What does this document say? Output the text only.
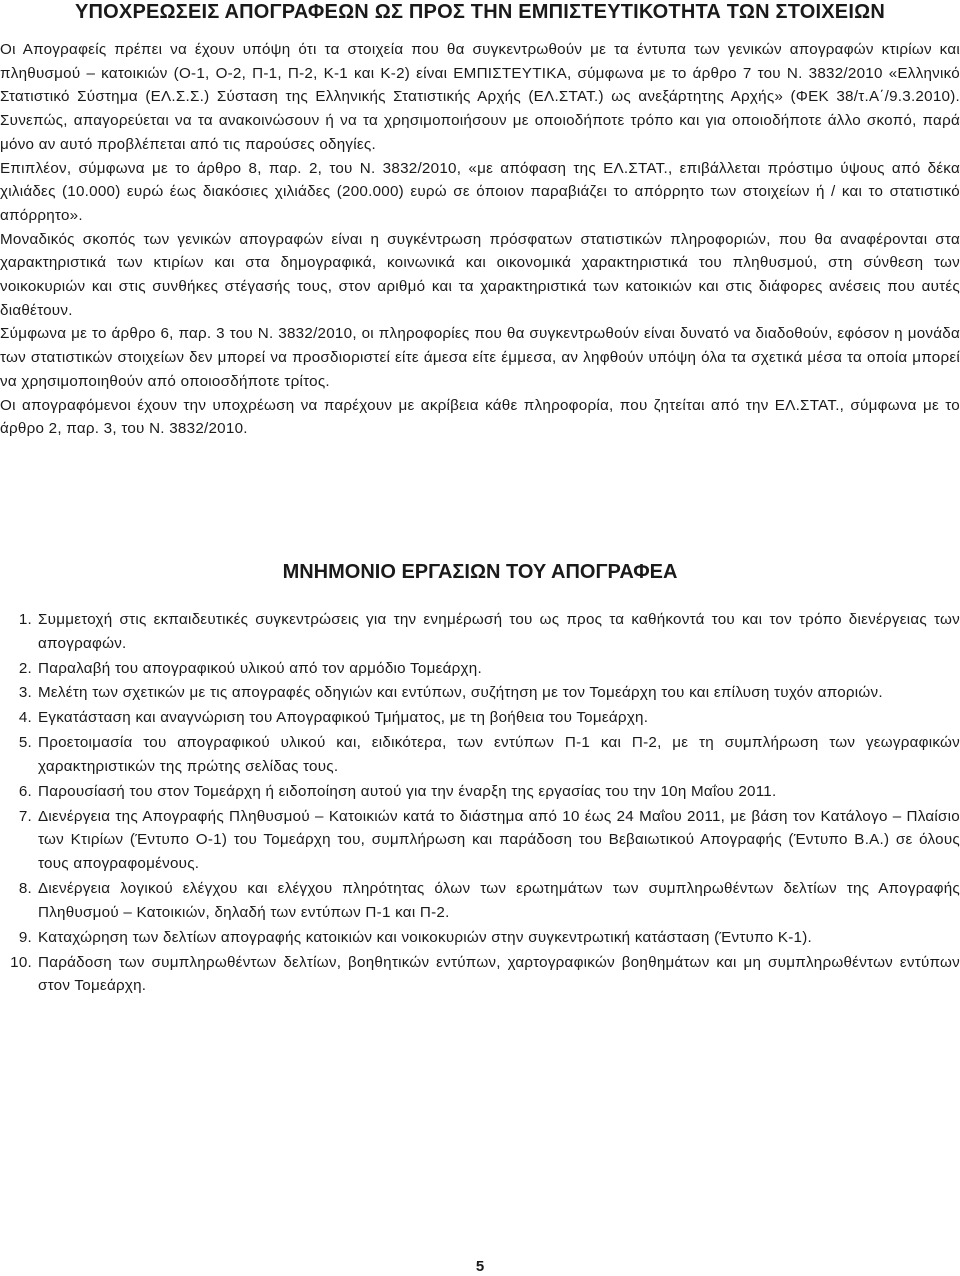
ΥΠΟΧΡΕΩΣΕΙΣ ΑΠΟΓΡΑΦΕΩΝ ΩΣ ΠΡΟΣ ΤΗΝ ΕΜΠΙΣΤΕΥΤΙΚΟΤΗΤΑ ΤΩΝ ΣΤΟΙΧΕΙΩΝ

Οι Απογραφείς πρέπει να έχουν υπόψη ότι τα στοιχεία που θα συγκεντρωθούν με τα έντυπα των γενικών απογραφών κτιρίων και πληθυσμού – κατοικιών (Ο-1, Ο-2, Π-1, Π-2, Κ-1 και Κ-2) είναι ΕΜΠΙΣΤΕΥΤΙΚΑ, σύμφωνα με το άρθρο 7 του Ν. 3832/2010 «Ελληνικό Στατιστικό Σύστημα (ΕΛ.Σ.Σ.) Σύσταση της Ελληνικής Στατιστικής Αρχής (ΕΛ.ΣΤΑΤ.) ως ανεξάρτητης Αρχής» (ΦΕΚ 38/τ.Α΄/9.3.2010). Συνεπώς, απαγορεύεται να τα ανακοινώσουν ή να τα χρησιμοποιήσουν με οποιοδήποτε τρόπο και για οποιοδήποτε άλλο σκοπό, παρά μόνο αν αυτό προβλέπεται από τις παρούσες οδηγίες.

Επιπλέον, σύμφωνα με το άρθρο 8, παρ. 2, του Ν. 3832/2010, «με απόφαση της ΕΛ.ΣΤΑΤ., επιβάλλεται πρόστιμο ύψους από δέκα χιλιάδες (10.000) ευρώ έως διακόσιες χιλιάδες (200.000) ευρώ σε όποιον παραβιάζει το απόρρητο των στοιχείων ή / και το στατιστικό απόρρητο».

Μοναδικός σκοπός των γενικών απογραφών είναι η συγκέντρωση πρόσφατων στατιστικών πληροφοριών, που θα αναφέρονται στα χαρακτηριστικά των κτιρίων και στα δημογραφικά, κοινωνικά και οικονομικά χαρακτηριστικά του πληθυσμού, στη σύνθεση των νοικοκυριών και στις συνθήκες στέγασής τους, στον αριθμό και τα χαρακτηριστικά των κατοικιών και στις διάφορες ανέσεις που αυτές διαθέτουν.

Σύμφωνα με το άρθρο 6, παρ. 3 του Ν. 3832/2010, οι πληροφορίες που θα συγκεντρωθούν είναι δυνατό να διαδοθούν, εφόσον η μονάδα των στατιστικών στοιχείων δεν μπορεί να προσδιοριστεί είτε άμεσα είτε έμμεσα, αν ληφθούν υπόψη όλα τα σχετικά μέσα τα οποία μπορεί να χρησιμοποιηθούν από οποιοσδήποτε τρίτος.

Οι απογραφόμενοι έχουν την υποχρέωση να παρέχουν με ακρίβεια κάθε πληροφορία, που ζητείται από την ΕΛ.ΣΤΑΤ., σύμφωνα με το άρθρο 2, παρ. 3, του Ν. 3832/2010.

ΜΝΗΜΟΝΙΟ ΕΡΓΑΣΙΩΝ ΤΟΥ ΑΠΟΓΡΑΦΕΑ
1. Συμμετοχή στις εκπαιδευτικές συγκεντρώσεις για την ενημέρωσή του ως προς τα καθήκοντά του και τον τρόπο διενέργειας των απογραφών.
2. Παραλαβή του απογραφικού υλικού από τον αρμόδιο Τομεάρχη.
3. Μελέτη των σχετικών με τις απογραφές οδηγιών και εντύπων, συζήτηση με τον Τομεάρχη του και επίλυση τυχόν αποριών.
4. Εγκατάσταση και αναγνώριση του Απογραφικού Τμήματος, με τη βοήθεια του Τομεάρχη.
5. Προετοιμασία του απογραφικού υλικού και, ειδικότερα, των εντύπων Π-1 και Π-2, με τη συμπλήρωση των γεωγραφικών χαρακτηριστικών της πρώτης σελίδας τους.
6. Παρουσίασή του στον Τομεάρχη ή ειδοποίηση αυτού για την έναρξη της εργασίας του την 10η Μαΐου 2011.
7. Διενέργεια της Απογραφής Πληθυσμού – Κατοικιών κατά το διάστημα από 10 έως 24 Μαΐου 2011, με βάση τον Κατάλογο – Πλαίσιο των Κτιρίων (Έντυπο Ο-1) του Τομεάρχη του, συμπλήρωση και παράδοση του Βεβαιωτικού Απογραφής (Έντυπο Β.Α.) σε όλους τους απογραφομένους.
8. Διενέργεια λογικού ελέγχου και ελέγχου πληρότητας όλων των ερωτημάτων των συμπληρωθέντων δελτίων της Απογραφής Πληθυσμού – Κατοικιών, δηλαδή των εντύπων Π-1 και Π-2.
9. Καταχώρηση των δελτίων απογραφής κατοικιών και νοικοκυριών στην συγκεντρωτική κατάσταση (Έντυπο Κ-1).
10. Παράδοση των συμπληρωθέντων δελτίων, βοηθητικών εντύπων, χαρτογραφικών βοηθημάτων και μη συμπληρωθέντων εντύπων στον Τομεάρχη.
5
